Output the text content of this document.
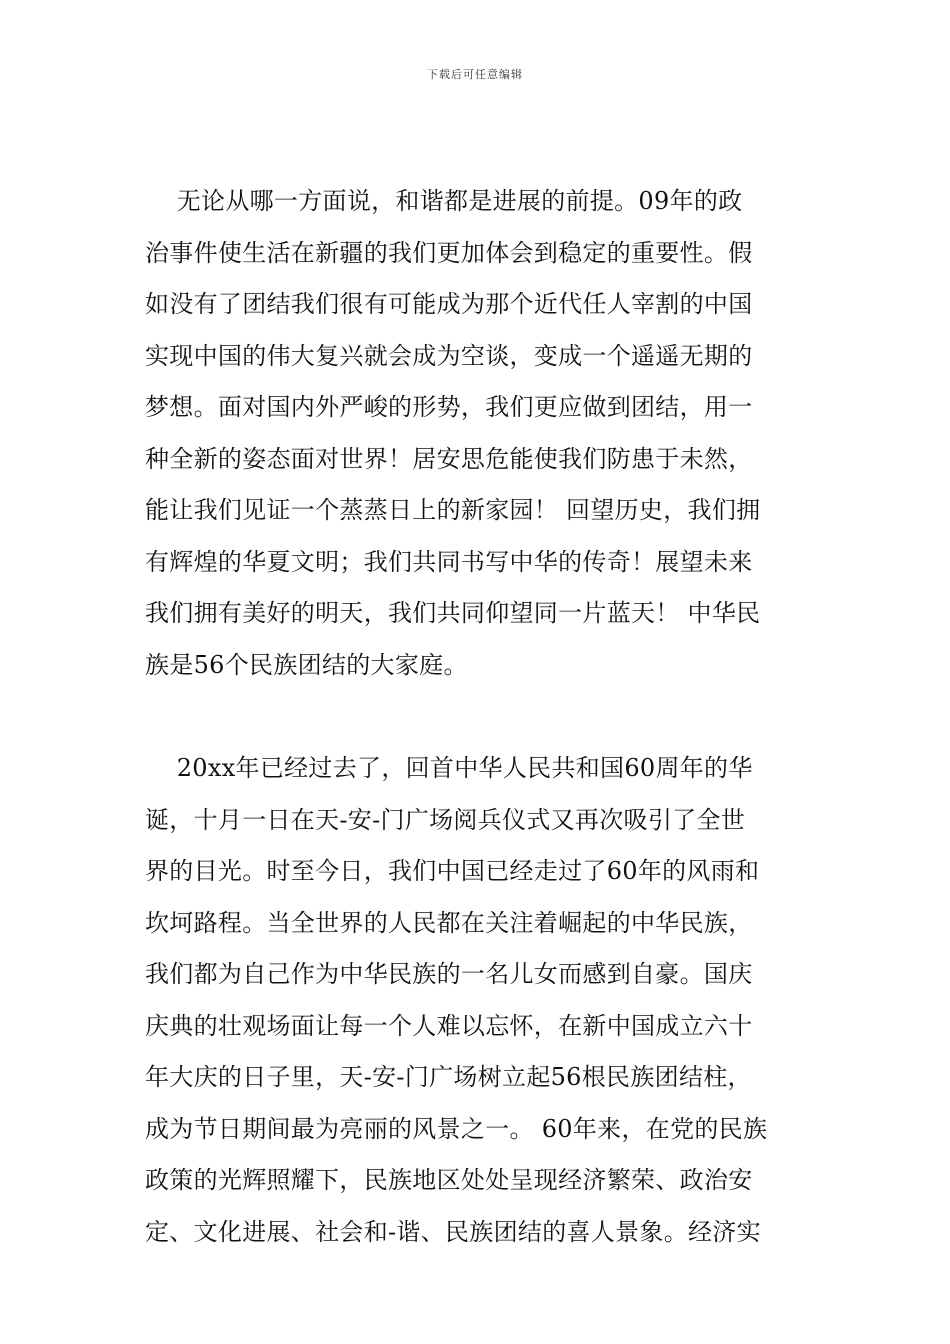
下载后可任意编辑
无论从哪一方面说，和谐都是进展的前提。09年的政
治事件使生活在新疆的我们更加体会到稳定的重要性。假
如没有了团结我们很有可能成为那个近代任人宰割的中国
实现中国的伟大复兴就会成为空谈，变成一个遥遥无期的
梦想。面对国内外严峻的形势，我们更应做到团结，用一
种全新的姿态面对世界！居安思危能使我们防患于未然，
能让我们见证一个蒸蒸日上的新家园！ 回望历史，我们拥
有辉煌的华夏文明；我们共同书写中华的传奇！展望未来
我们拥有美好的明天，我们共同仰望同一片蓝天！ 中华民
族是56个民族团结的大家庭。
20xx年已经过去了，回首中华人民共和国60周年的华
诞，十月一日在天-安-门广场阅兵仪式又再次吸引了全世
界的目光。时至今日，我们中国已经走过了60年的风雨和
坎坷路程。当全世界的人民都在关注着崛起的中华民族，
我们都为自己作为中华民族的一名儿女而感到自豪。国庆
庆典的壮观场面让每一个人难以忘怀，在新中国成立六十
年大庆的日子里，天-安-门广场树立起56根民族团结柱，
成为节日期间最为亮丽的风景之一。 60年来，在党的民族
政策的光辉照耀下，民族地区处处呈现经济繁荣、政治安
定、文化进展、社会和-谐、民族团结的喜人景象。经济实
